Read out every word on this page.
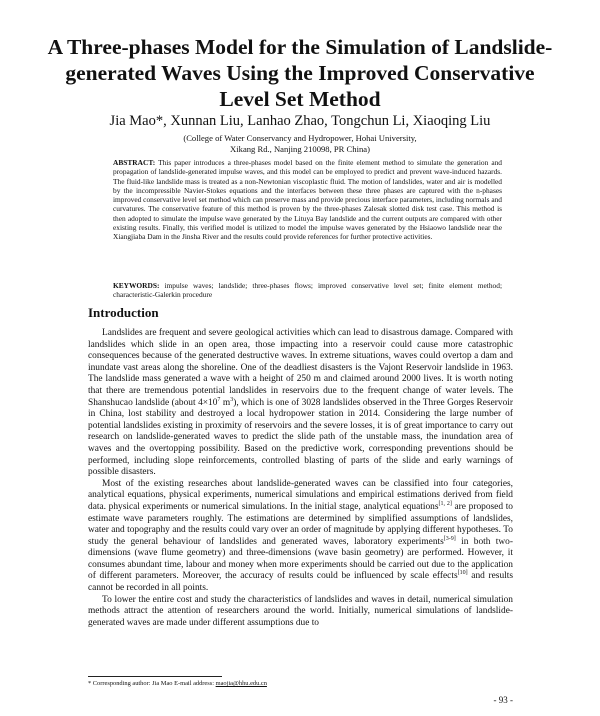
A Three-phases Model for the Simulation of Landslide-generated Waves Using the Improved Conservative Level Set Method
Jia Mao*, Xunnan Liu, Lanhao Zhao, Tongchun Li, Xiaoqing Liu
(College of Water Conservancy and Hydropower, Hohai University,
Xikang Rd., Nanjing 210098, PR China)
ABSTRACT: This paper introduces a three-phases model based on the finite element method to simulate the generation and propagation of landslide-generated impulse waves, and this model can be employed to predict and prevent wave-induced hazards. The fluid-like landslide mass is treated as a non-Newtonian viscoplastic fluid. The motion of landslides, water and air is modelled by the incompressible Navier-Stokes equations and the interfaces between these three phases are captured with the n-phases improved conservative level set method which can preserve mass and provide precious interface parameters, including normals and curvatures. The conservative feature of this method is proven by the three-phases Zalesak slotted disk test case. This method is then adopted to simulate the impulse wave generated by the Lituya Bay landslide and the current outputs are compared with other existing results. Finally, this verified model is utilized to model the impulse waves generated by the Hsiaowo landslide near the Xiangjiaba Dam in the Jinsha River and the results could provide references for further protective activities.
KEYWORDS: impulse waves; landslide; three-phases flows; improved conservative level set; finite element method; characteristic-Galerkin procedure
Introduction

Landslides are frequent and severe geological activities which can lead to disastrous damage. Compared with landslides which slide in an open area, those impacting into a reservoir could cause more catastrophic consequences because of the generated destructive waves. In extreme situations, waves could overtop a dam and inundate vast areas along the shoreline. One of the deadliest disasters is the Vajont Reservoir landslide in 1963. The landslide mass generated a wave with a height of 250 m and claimed around 2000 lives. It is worth noting that there are tremendous potential landslides in reservoirs due to the frequent change of water levels. The Shanshucao landslide (about $4\times 10^7$ $m^3$), which is one of 3028 landslides observed in the Three Gorges Reservoir in China, lost stability and destroyed a local hydropower station in 2014. Considering the large number of potential landslides existing in proximity of reservoirs and the severe losses, it is of great importance to carry out research on landslide-generated waves to predict the slide path of the unstable mass, the inundation area of waves and the overtopping possibility. Based on the predictive work, corresponding preventions should be performed, including slope reinforcements, controlled blasting of parts of the slide and early warnings of possible disasters.

Most of the existing researches about landslide-generated waves can be classified into four categories, analytical equations, physical experiments, numerical simulations and empirical estimations derived from field data. physical experiments or numerical simulations. In the initial stage, analytical equations[1, 2] are proposed to estimate wave parameters roughly. The estimations are determined by simplified assumptions of landslides, water and topography and the results could vary over an order of magnitude by applying different hypotheses. To study the general behaviour of landslides and generated waves, laboratory experiments[3-9] in both two-dimensions (wave flume geometry) and three-dimensions (wave basin geometry) are performed. However, it consumes abundant time, labour and money when more experiments should be carried out due to the application of different parameters. Moreover, the accuracy of results could be influenced by scale effects[10] and results cannot be recorded in all points.

To lower the entire cost and study the characteristics of landslides and waves in detail, numerical simulation methods attract the attention of researchers around the world. Initially, numerical simulations of landslide-generated waves are made under different assumptions due to

* Corresponding author: Jia Mao E-mail address: maojia@hhu.edu.cn
- 93 -
